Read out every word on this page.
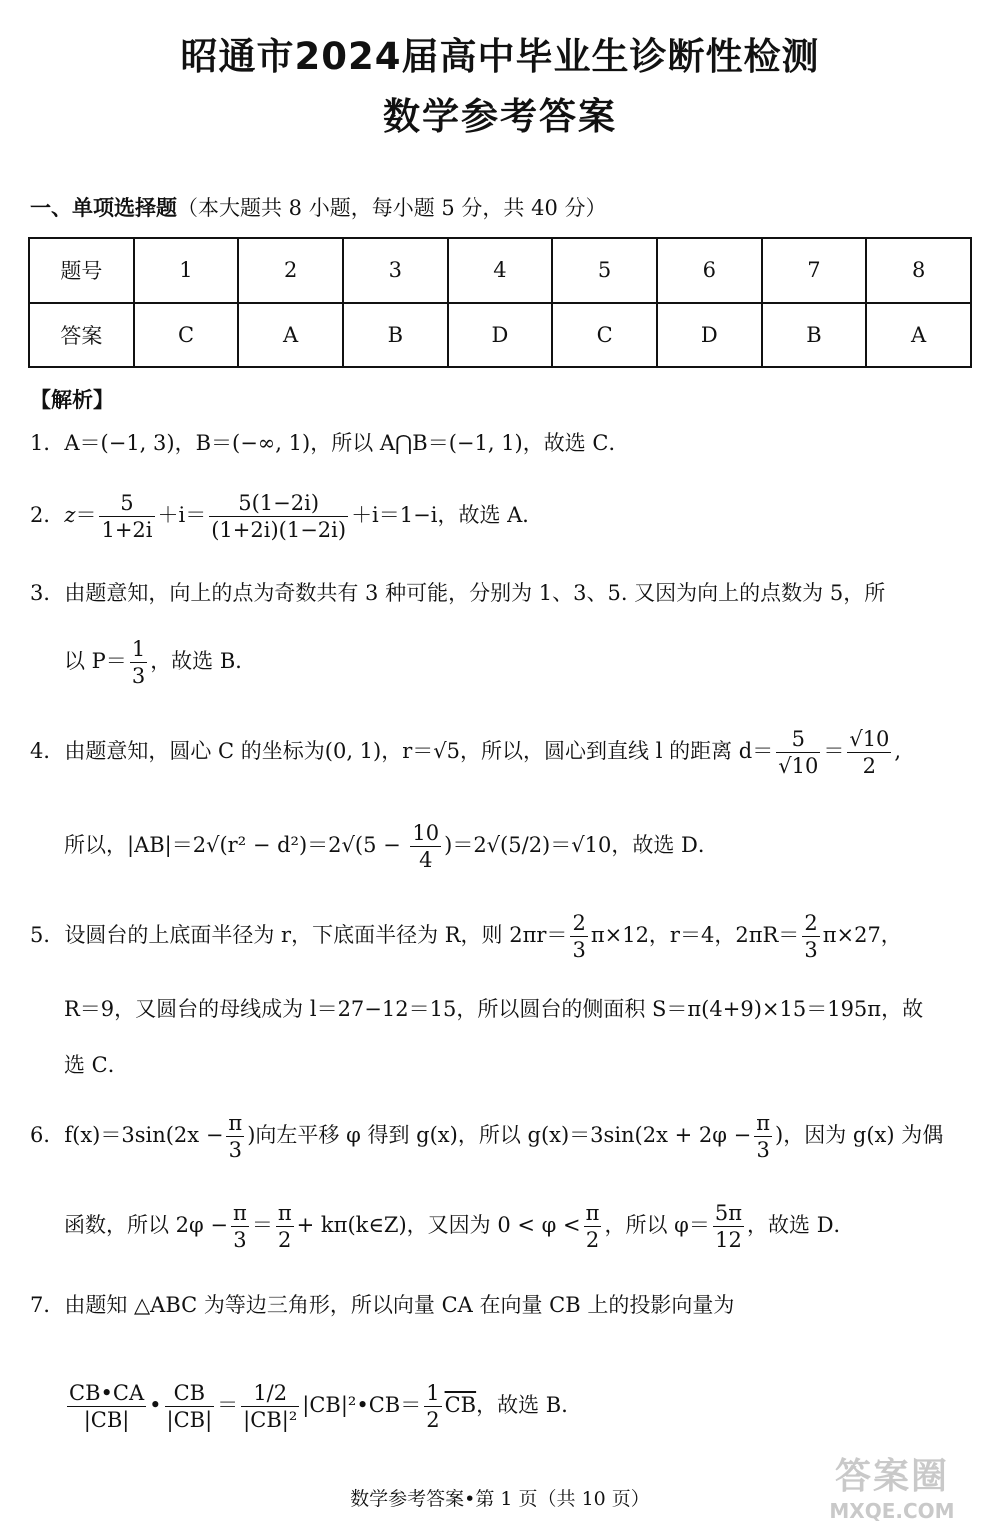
昭通市2024届高中毕业生诊断性检测
数学参考答案
一、单项选择题（本大题共 8 小题，每小题 5 分，共 40 分）
题号	1	2	3	4	5	6	7	8
答案	C	A	B	D	C	D	B	A
【解析】
1．A＝(−1, 3)，B＝(−∞, 1)，所以 A⋂B＝(−1, 1)，故选 C．
2．$z= \frac{5}{1+2i} +i= \frac{5(1-2i)}{(1+2i)(1-2i)} +i=1-i$，故选 A．
3．由题意知，向上的点为奇数共有 3 种可能，分别为 1、3、5. 又因为向上的点数为 5，所
以 $P= \frac{1}{3}$ ，故选 B．
4．由题意知，圆心 C 的坐标为(0, 1)，r＝√5，所以，圆心到直线 l 的距离 $d= \frac{5}{√10} = \frac{√10}{2}$ ,
所以，$|AB|=2√(r^2 - d^2)=2√(5 - \frac{10}{4} )=2√(5/2)=√10$，故选 D．
5．设圆台的上底面半径为 r，下底面半径为 R，则 $2\pi r= \frac{2}{3} \pi\times 12$，r＝4，$2\pi R= \frac{2}{3} \pi\times 27$，
R＝9，又圆台的母线成为 l＝27−12＝15，所以圆台的侧面积 S＝π(4+9)×15＝195π，故
选 C．
6．$f(x)=3\sin(2x - \frac{\pi}{3}$ )向左平移 φ 得到 g(x)，所以 $g(x)=3\sin(2x + 2\varphi - \frac{\pi}{3}$ )，因为 g(x) 为偶
函数，所以 $2\varphi - \frac{\pi}{3} = \frac{\pi}{2}$ + kπ(k∈Z)，又因为 $0 < \varphi < \frac{\pi}{2}$ ，所以 $\varphi= \frac{5\pi}{12}$ ，故选 D．
7．由题知 △ABC 为等边三角形，所以向量 CA 在向量 CB 上的投影向量为
$\frac{CB•CA}{|CB|}$ • $\frac{CB}{|CB|} = \frac{1/2}{\text{|CB|²}}$ |CB|²•CB＝ $\frac{1}{2} \overline{CB}$，故选 B．
数学参考答案•第 1 页（共 10 页）
答案圈
MXQE.COM
